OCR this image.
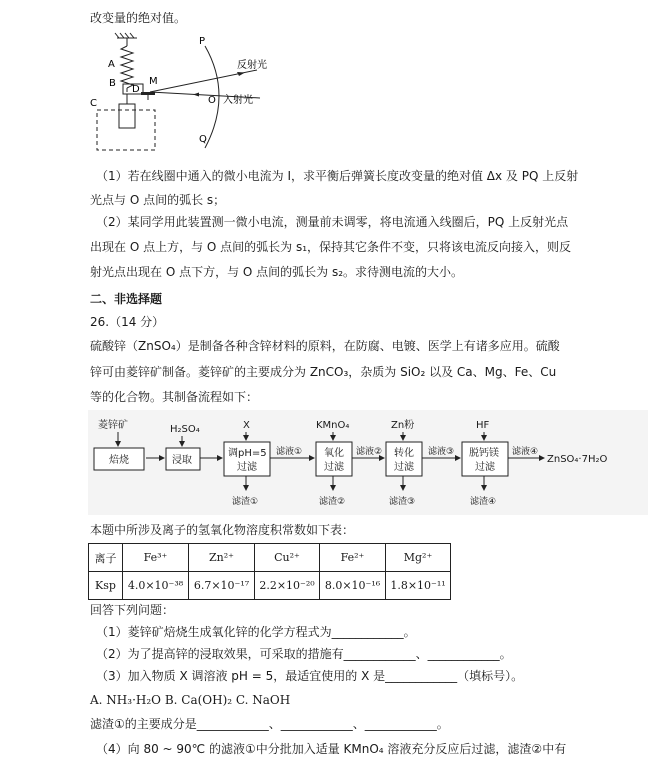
改变量的绝对值。
A
B
D
M
C
P
O
Q
反射光
入射光
（1）若在线圈中通入的微小电流为 I，求平衡后弹簧长度改变量的绝对值 Δx 及 PQ 上反射
光点与 O 点间的弧长 s；
（2）某同学用此装置测一微小电流，测量前未调零，将电流通入线圈后，PQ 上反射光点
出现在 O 点上方，与 O 点间的弧长为 s₁，保持其它条件不变，只将该电流反向接入，则反
射光点出现在 O 点下方，与 O 点间的弧长为 s₂。求待测电流的大小。
二、非选择题
26.（14 分）
硫酸锌（ZnSO₄）是制备各种含锌材料的原料，在防腐、电镀、医学上有诸多应用。硫酸
锌可由菱锌矿制备。菱锌矿的主要成分为 ZnCO₃，杂质为 SiO₂ 以及 Ca、Mg、Fe、Cu
等的化合物。其制备流程如下：
菱锌矿
焙烧
H₂SO₄
浸取
X
调pH=5
过滤
KMnO₄
氧化
过滤
Zn粉
转化
过滤
HF
脱钙镁
过滤
滤液①	滤液②	滤液③	滤液④
滤渣①	滤渣②	滤渣③	滤渣④
ZnSO₄·7H₂O
本题中所涉及离子的氢氧化物溶度积常数如下表：
离子	Fe³⁺	Zn²⁺	Cu²⁺	Fe²⁺	Mg²⁺
Ksp	4.0×10⁻³⁸	6.7×10⁻¹⁷	2.2×10⁻²⁰	8.0×10⁻¹⁶	1.8×10⁻¹¹
回答下列问题：
（1）菱锌矿焙烧生成氧化锌的化学方程式为____________。
（2）为了提高锌的浸取效果，可采取的措施有____________、____________。
（3）加入物质 X 调溶液 pH = 5，最适宜使用的 X 是____________（填标号）。
A. NH₃·H₂O B. Ca(OH)₂ C. NaOH
滤渣①的主要成分是____________、____________、____________。
（4）向 80 ~ 90℃ 的滤液①中分批加入适量 KMnO₄ 溶液充分反应后过滤，滤渣②中有
